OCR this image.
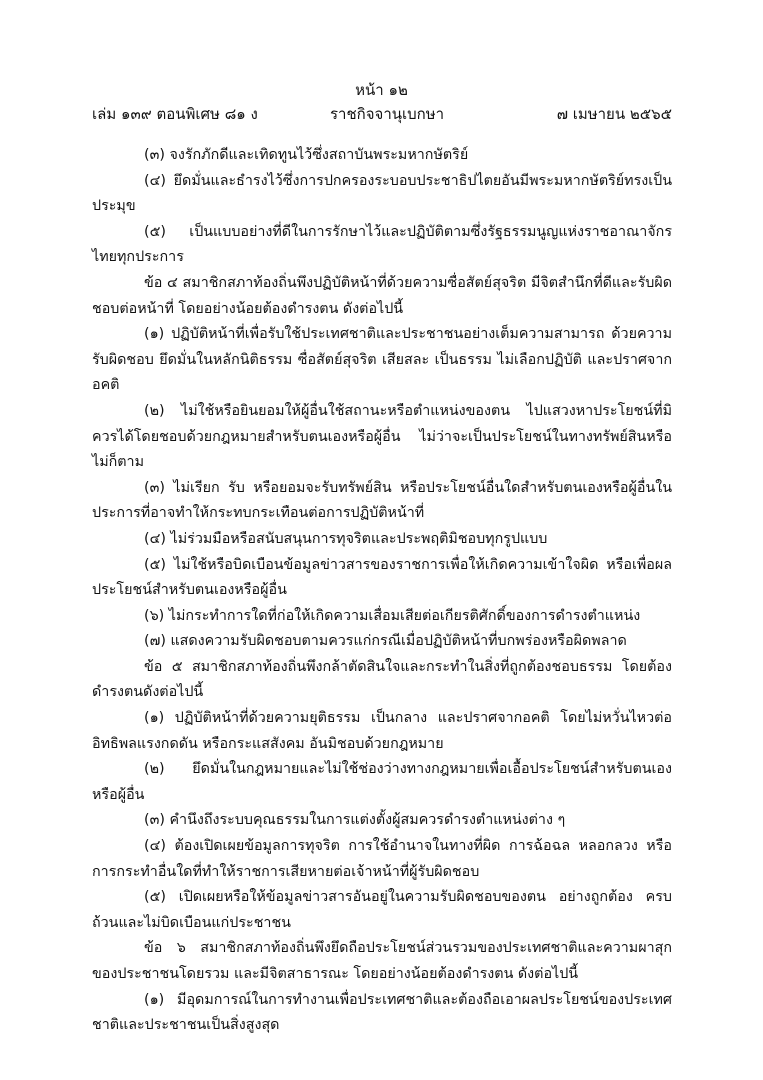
หน้า ๑๒
เล่ม ๑๓๙ ตอนพิเศษ ๘๑ ง	ราชกิจจานุเบกษา	๗ เมษายน ๒๕๖๕

(๓) จงรักภักดีและเทิดทูนไว้ซึ่งสถาบันพระมหากษัตริย์

(๔) ยึดมั่นและธำรงไว้ซึ่งการปกครองระบอบประชาธิปไตยอันมีพระมหากษัตริย์ทรงเป็นประมุข

(๕) เป็นแบบอย่างที่ดีในการรักษาไว้และปฏิบัติตามซึ่งรัฐธรรมนูญแห่งราชอาณาจักรไทยทุกประการ

ข้อ ๔ สมาชิกสภาท้องถิ่นพึงปฏิบัติหน้าที่ด้วยความซื่อสัตย์สุจริต มีจิตสำนึกที่ดีและรับผิดชอบต่อหน้าที่ โดยอย่างน้อยต้องดำรงตน ดังต่อไปนี้

(๑) ปฏิบัติหน้าที่เพื่อรับใช้ประเทศชาติและประชาชนอย่างเต็มความสามารถ ด้วยความรับผิดชอบ ยึดมั่นในหลักนิติธรรม ซื่อสัตย์สุจริต เสียสละ เป็นธรรม ไม่เลือกปฏิบัติ และปราศจากอคติ

(๒) ไม่ใช้หรือยินยอมให้ผู้อื่นใช้สถานะหรือตำแหน่งของตน ไปแสวงหาประโยชน์ที่มิควรได้โดยชอบด้วยกฎหมายสำหรับตนเองหรือผู้อื่น ไม่ว่าจะเป็นประโยชน์ในทางทรัพย์สินหรือไม่ก็ตาม

(๓) ไม่เรียก รับ หรือยอมจะรับทรัพย์สิน หรือประโยชน์อื่นใดสำหรับตนเองหรือผู้อื่นในประการที่อาจทำให้กระทบกระเทือนต่อการปฏิบัติหน้าที่

(๔) ไม่ร่วมมือหรือสนับสนุนการทุจริตและประพฤติมิชอบทุกรูปแบบ

(๕) ไม่ใช้หรือบิดเบือนข้อมูลข่าวสารของราชการเพื่อให้เกิดความเข้าใจผิด หรือเพื่อผลประโยชน์สำหรับตนเองหรือผู้อื่น

(๖) ไม่กระทำการใดที่ก่อให้เกิดความเสื่อมเสียต่อเกียรติศักดิ์ของการดำรงตำแหน่ง

(๗) แสดงความรับผิดชอบตามควรแก่กรณีเมื่อปฏิบัติหน้าที่บกพร่องหรือผิดพลาด

ข้อ ๕ สมาชิกสภาท้องถิ่นพึงกล้าตัดสินใจและกระทำในสิ่งที่ถูกต้องชอบธรรม โดยต้องดำรงตนดังต่อไปนี้

(๑) ปฏิบัติหน้าที่ด้วยความยุติธรรม เป็นกลาง และปราศจากอคติ โดยไม่หวั่นไหวต่ออิทธิพลแรงกดดัน หรือกระแสสังคม อันมิชอบด้วยกฎหมาย

(๒) ยึดมั่นในกฎหมายและไม่ใช้ช่องว่างทางกฎหมายเพื่อเอื้อประโยชน์สำหรับตนเองหรือผู้อื่น

(๓) คำนึงถึงระบบคุณธรรมในการแต่งตั้งผู้สมควรดำรงตำแหน่งต่าง ๆ

(๔) ต้องเปิดเผยข้อมูลการทุจริต การใช้อำนาจในทางที่ผิด การฉ้อฉล หลอกลวง หรือการกระทำอื่นใดที่ทำให้ราชการเสียหายต่อเจ้าหน้าที่ผู้รับผิดชอบ

(๕) เปิดเผยหรือให้ข้อมูลข่าวสารอันอยู่ในความรับผิดชอบของตน อย่างถูกต้อง ครบถ้วนและไม่บิดเบือนแก่ประชาชน

ข้อ ๖ สมาชิกสภาท้องถิ่นพึงยึดถือประโยชน์ส่วนรวมของประเทศชาติและความผาสุกของประชาชนโดยรวม และมีจิตสาธารณะ โดยอย่างน้อยต้องดำรงตน ดังต่อไปนี้

(๑) มีอุดมการณ์ในการทำงานเพื่อประเทศชาติและต้องถือเอาผลประโยชน์ของประเทศชาติและประชาชนเป็นสิ่งสูงสุด
